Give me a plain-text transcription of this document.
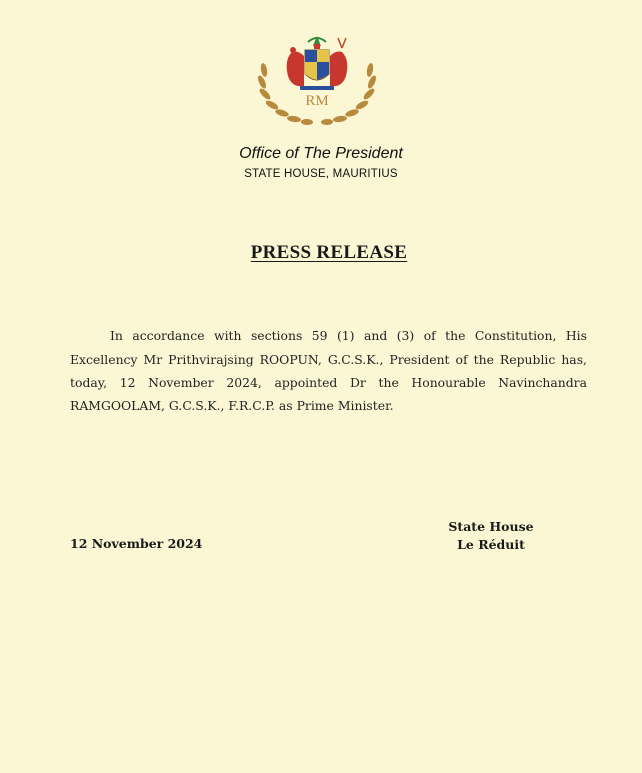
RM
Office of The President
STATE HOUSE, MAURITIUS
PRESS RELEASE

In accordance with sections 59 (1) and (3) of the Constitution, His Excellency Mr Prithvirajsing ROOPUN, G.C.S.K., President of the Republic has, today, 12 November 2024, appointed Dr the Honourable Navinchandra RAMGOOLAM, G.C.S.K., F.R.C.P. as Prime Minister.

12 November 2024
State House
Le Réduit
